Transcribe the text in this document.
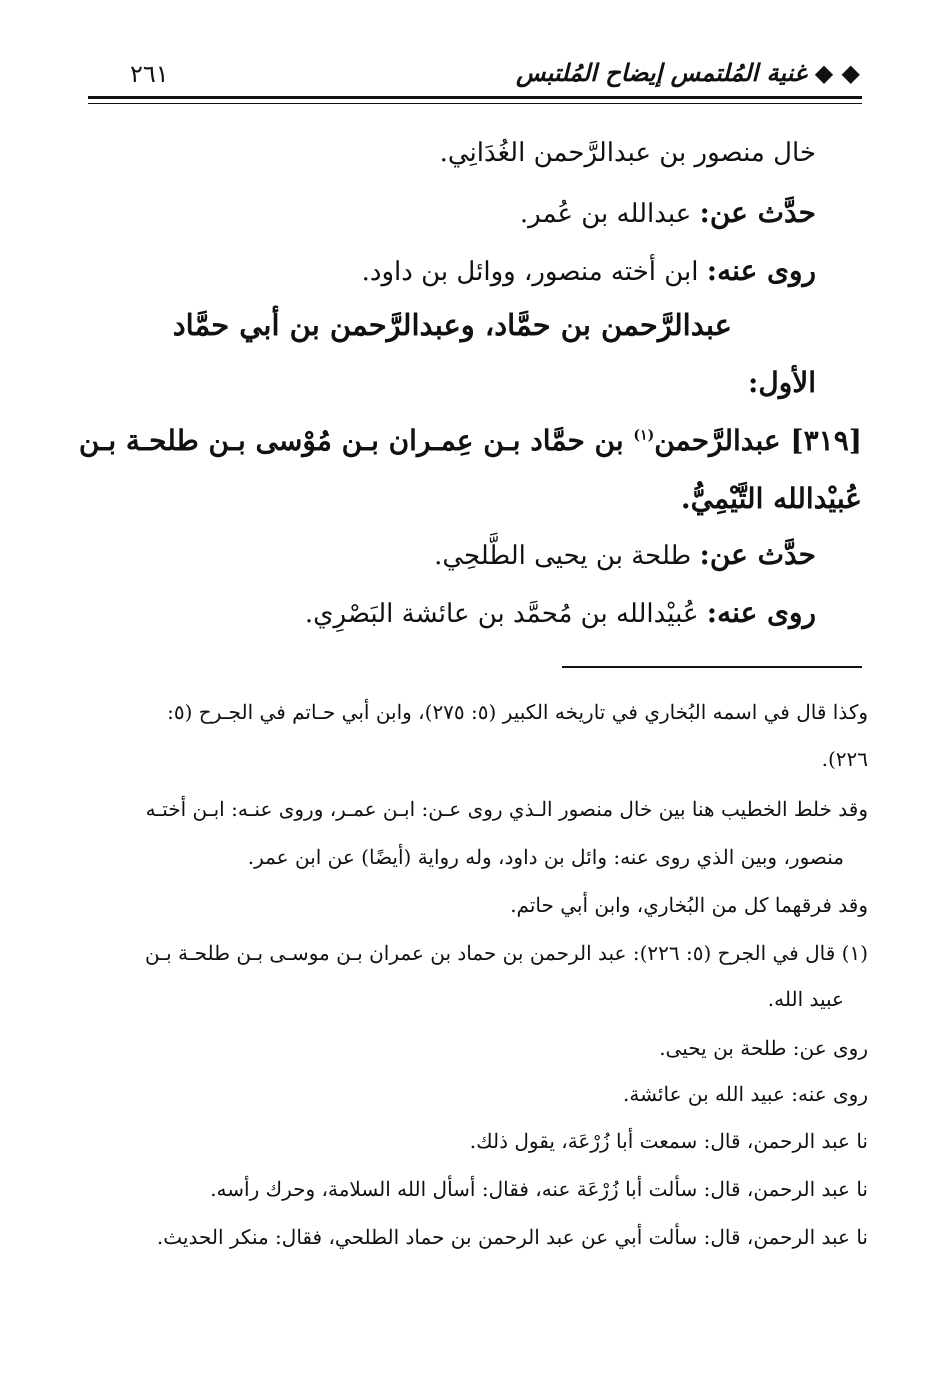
◆ ◆ غنية المُلتمس إيضاح المُلتبس
٢٦١
خال منصور بن عبدالرَّحمن الغُدَانِي.
حدَّث عن: عبدالله بن عُمر.
روى عنه: ابن أخته منصور، ووائل بن داود.
عبدالرَّحمن بن حمَّاد، وعبدالرَّحمن بن أبي حمَّاد
الأول:
[٣١٩] عبدالرَّحمن$^{(١)}$ بن حمَّاد بـن عِمـران بـن مُوْسى بـن طلحـة بـن
عُبيْدالله التَّيْمِيُّ.
حدَّث عن: طلحة بن يحيى الطَّلحِي.
روى عنه: عُبيْدالله بن مُحمَّد بن عائشة البَصْرِي.
وكذا قال في اسمه البُخاري في تاريخه الكبير (٥: ٢٧٥)، وابن أبي حـاتم في الجـرح (٥:
٢٢٦).
وقد خلط الخطيب هنا بين خال منصور الـذي روى عـن: ابـن عمـر، وروى عنـه: ابـن أختـه
منصور، وبين الذي روى عنه: وائل بن داود، وله رواية (أيضًا) عن ابن عمر.
وقد فرقهما كل من البُخاري، وابن أبي حاتم.
(١) قال في الجرح (٥: ٢٢٦): عبد الرحمن بن حماد بن عمران بـن موسـى بـن طلحـة بـن
عبيد الله.
روى عن: طلحة بن يحيى.
روى عنه: عبيد الله بن عائشة.
نا عبد الرحمن، قال: سمعت أبا زُرْعَة، يقول ذلك.
نا عبد الرحمن، قال: سألت أبا زُرْعَة عنه، فقال: أسأل الله السلامة، وحرك رأسه.
نا عبد الرحمن، قال: سألت أبي عن عبد الرحمن بن حماد الطلحي، فقال: منكر الحديث.
